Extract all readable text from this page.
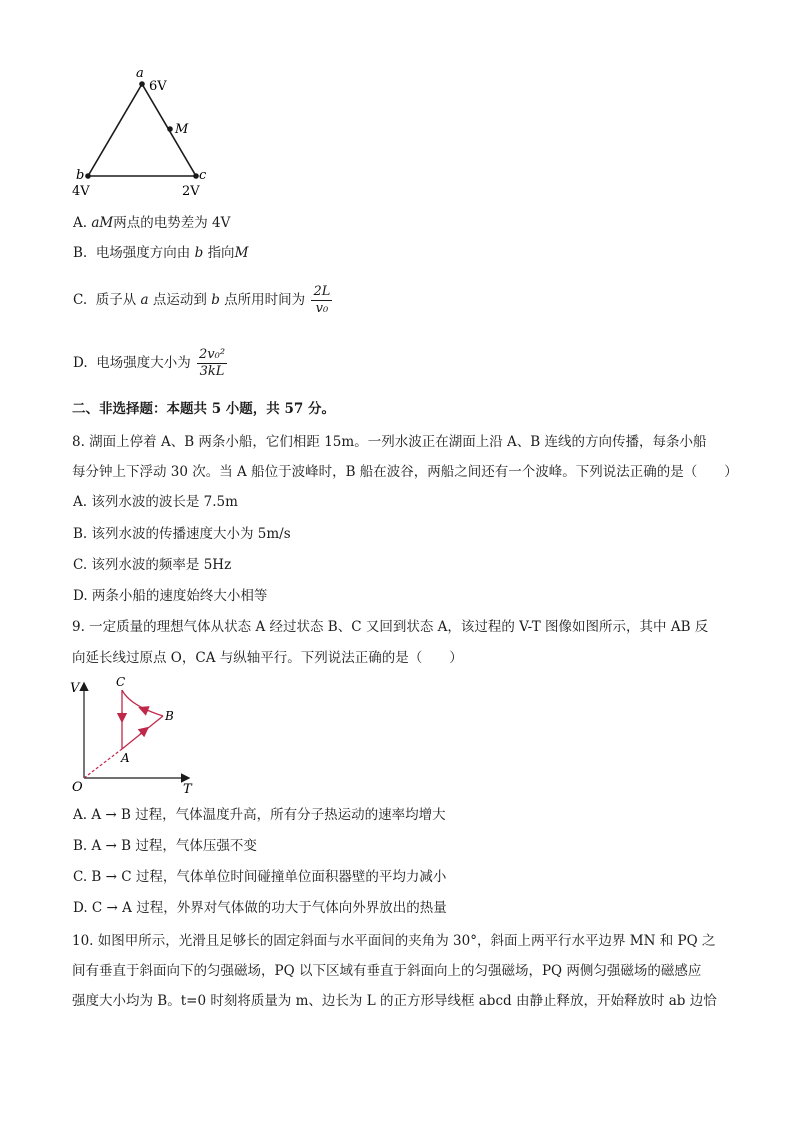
a
6V
M
b	c
4V	2V
A. aM两点的电势差为 4V
B. 电场强度方向由 b 指向M
C. 质子从 a 点运动到 b 点所用时间为 $\frac{2L}{\text{v₀}}$
D. 电场强度大小为 $\frac{\text{2v₀²}}{3kL}$
二、非选择题：本题共 5 小题，共 57 分。
8. 湖面上停着 A、B 两条小船，它们相距 15m。一列水波正在湖面上沿 A、B 连线的方向传播，每条小船
每分钟上下浮动 30 次。当 A 船位于波峰时，B 船在波谷，两船之间还有一个波峰。下列说法正确的是（　　）
A. 该列水波的波长是 7.5m
B. 该列水波的传播速度大小为 5m/s
C. 该列水波的频率是 5Hz
D. 两条小船的速度始终大小相等
9. 一定质量的理想气体从状态 A 经过状态 B、C 又回到状态 A，该过程的 V-T 图像如图所示，其中 AB 反
向延长线过原点 O，CA 与纵轴平行。下列说法正确的是（　　）
V
T
O
A
B
C
A. A → B 过程，气体温度升高，所有分子热运动的速率均增大
B. A → B 过程，气体压强不变
C. B → C 过程，气体单位时间碰撞单位面积器壁的平均力减小
D. C → A 过程，外界对气体做的功大于气体向外界放出的热量
10. 如图甲所示，光滑且足够长的固定斜面与水平面间的夹角为 30°，斜面上两平行水平边界 MN 和 PQ 之
间有垂直于斜面向下的匀强磁场，PQ 以下区域有垂直于斜面向上的匀强磁场，PQ 两侧匀强磁场的磁感应
强度大小均为 B。t=0 时刻将质量为 m、边长为 L 的正方形导线框 abcd 由静止释放，开始释放时 ab 边恰
